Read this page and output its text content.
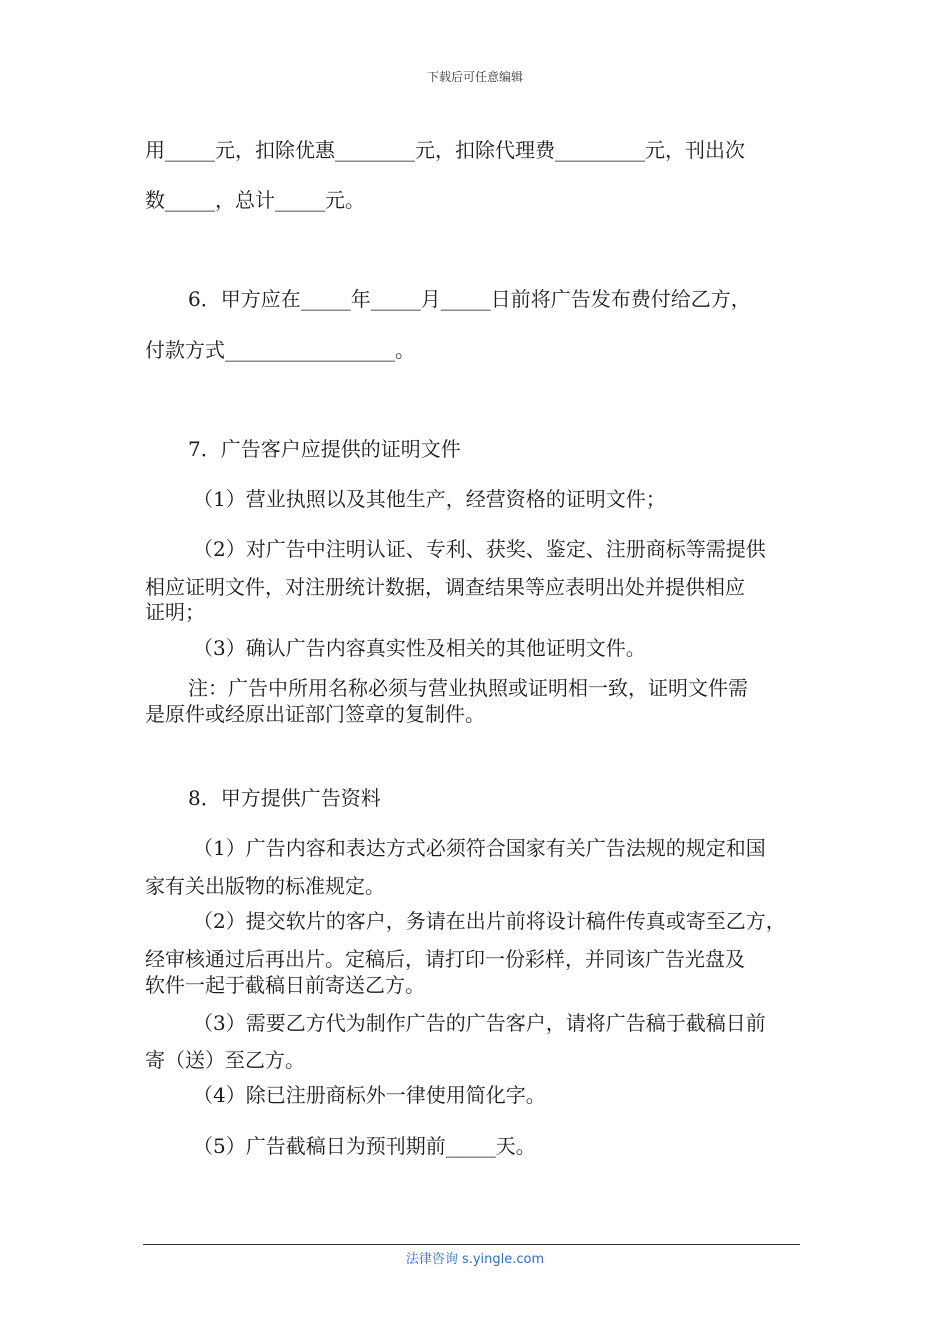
下载后可任意编辑
用_____元，扣除优惠________元，扣除代理费_________元，刊出次
数_____，总计_____元。
6．甲方应在_____年_____月_____日前将广告发布费付给乙方，
付款方式_________________。
7．广告客户应提供的证明文件
（1）营业执照以及其他生产，经营资格的证明文件；
（2）对广告中注明认证、专利、获奖、鉴定、注册商标等需提供
相应证明文件，对注册统计数据，调查结果等应表明出处并提供相应
证明；
（3）确认广告内容真实性及相关的其他证明文件。
注：广告中所用名称必须与营业执照或证明相一致，证明文件需
是原件或经原出证部门签章的复制件。
8．甲方提供广告资料
（1）广告内容和表达方式必须符合国家有关广告法规的规定和国
家有关出版物的标准规定。
（2）提交软片的客户，务请在出片前将设计稿件传真或寄至乙方，
经审核通过后再出片。定稿后，请打印一份彩样，并同该广告光盘及
软件一起于截稿日前寄送乙方。
（3）需要乙方代为制作广告的广告客户，请将广告稿于截稿日前
寄（送）至乙方。
（4）除已注册商标外一律使用简化字。
（5）广告截稿日为预刊期前_____天。
法律咨询 s.yingle.com
